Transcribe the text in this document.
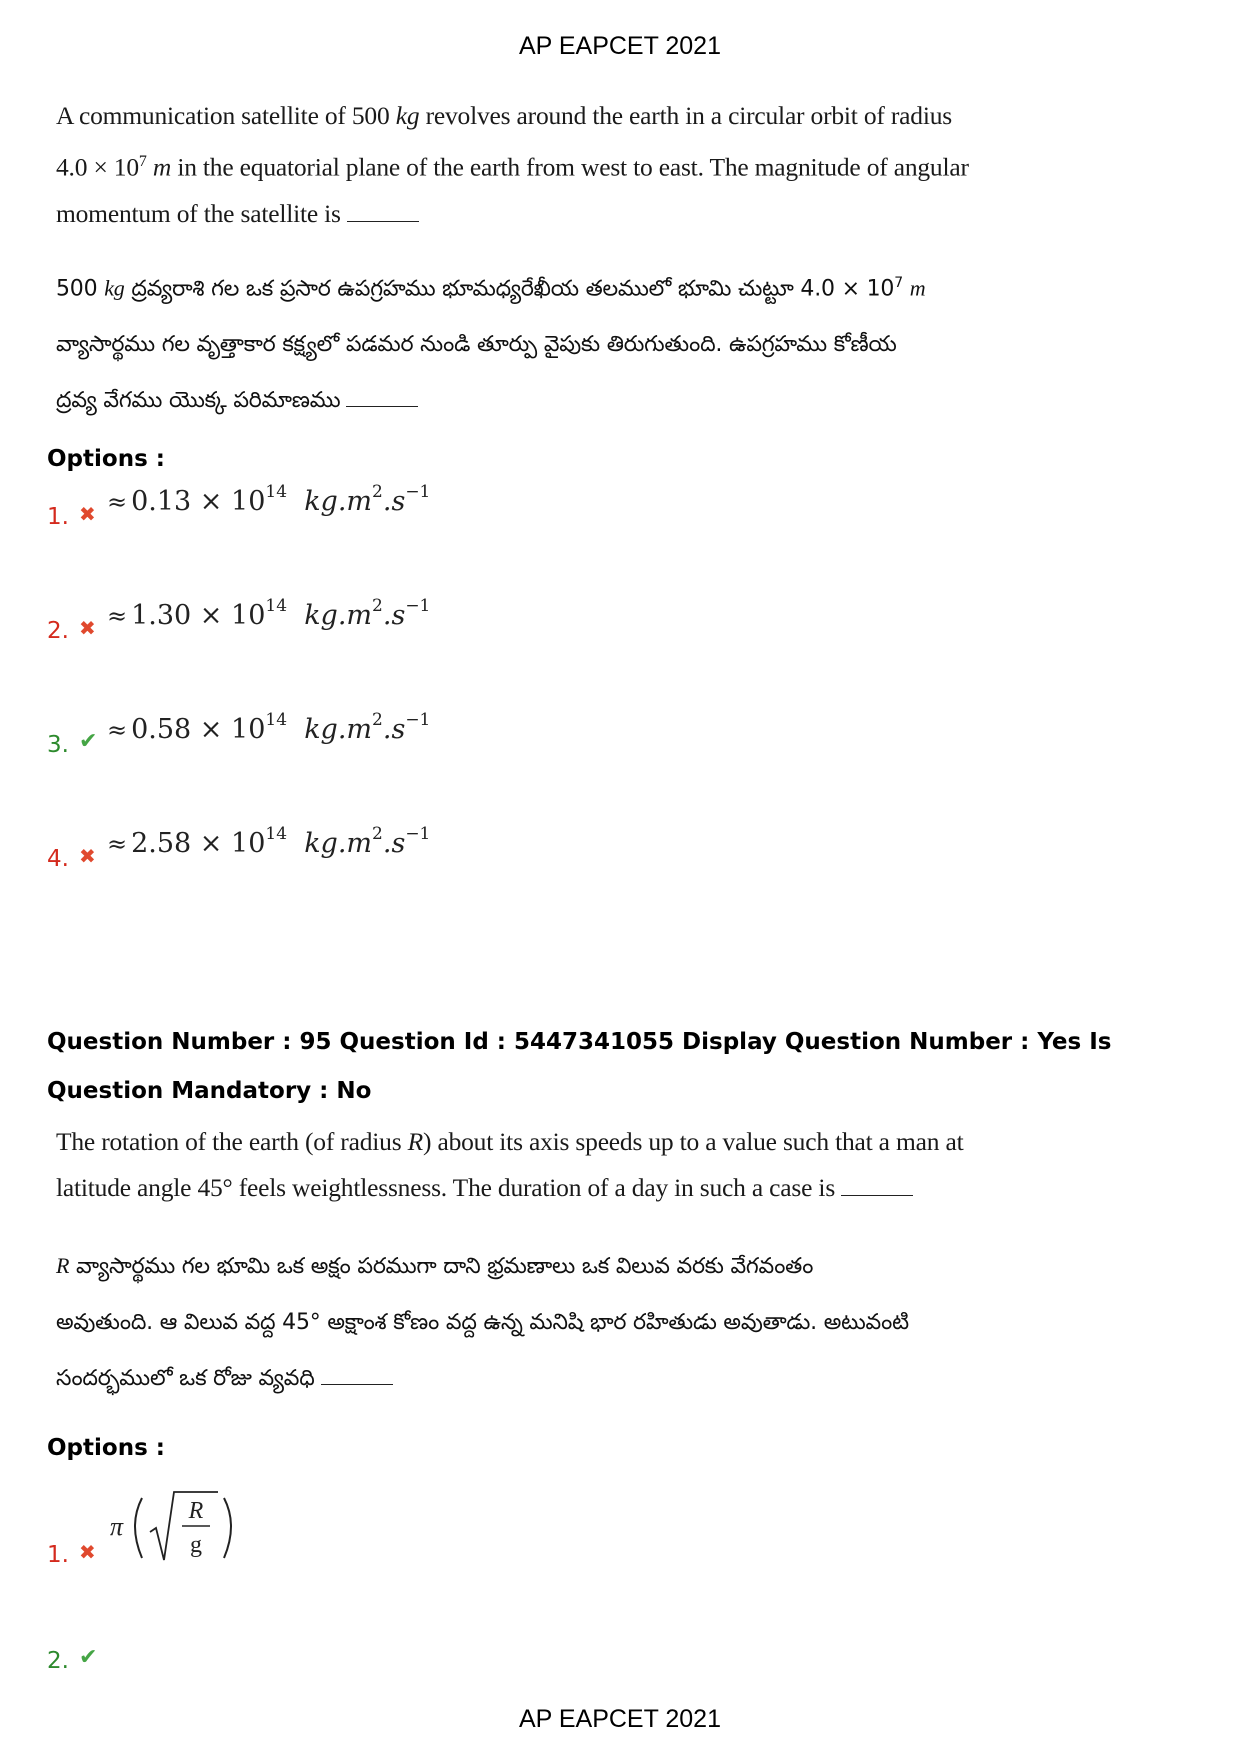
AP EAPCET 2021
A communication satellite of 500 kg revolves around the earth in a circular orbit of radius
$4.0 \times 10^7$ m in the equatorial plane of the earth from west to east. The magnitude of angular
momentum of the satellite is
500 kg ద్రవ్యరాశి గల ఒక ప్రసార ఉపగ్రహము భూమధ్యరేఖీయ తలములో భూమి చుట్టూ $4.0 \times 10^7$ m
వ్యాసార్థము గల వృత్తాకార కక్ష్యలో పడమర నుండి తూర్పు వైపుకు తిరుగుతుంది. ఉపగ్రహము కోణీయ
ద్రవ్య వేగము యొక్క పరిమాణము
Options :
1. ✖ ≈ $0.13 \times 10^{14}$ $kg.m^2.s^{-1}$
2. ✖ ≈ $1.30 \times 10^{14}$ $kg.m^2.s^{-1}$
3. ✔ ≈ $0.58 \times 10^{14}$ $kg.m^2.s^{-1}$
4. ✖ ≈ $2.58 \times 10^{14}$ $kg.m^2.s^{-1}$
Question Number : 95 Question Id : 5447341055 Display Question Number : Yes Is Question Mandatory : No
The rotation of the earth (of radius R) about its axis speeds up to a value such that a man at
latitude angle 45° feels weightlessness. The duration of a day in such a case is
R వ్యాసార్థము గల భూమి ఒక అక్షం పరముగా దాని భ్రమణాలు ఒక విలువ వరకు వేగవంతం
అవుతుంది. ఆ విలువ వద్ద 45° అక్షాంశ కోణం వద్ద ఉన్న మనిషి భార రహితుడు అవుతాడు. అటువంటి
సందర్భములో ఒక రోజు వ్యవధి
Options :
π
R
g
1. ✖
2. ✔
AP EAPCET 2021
